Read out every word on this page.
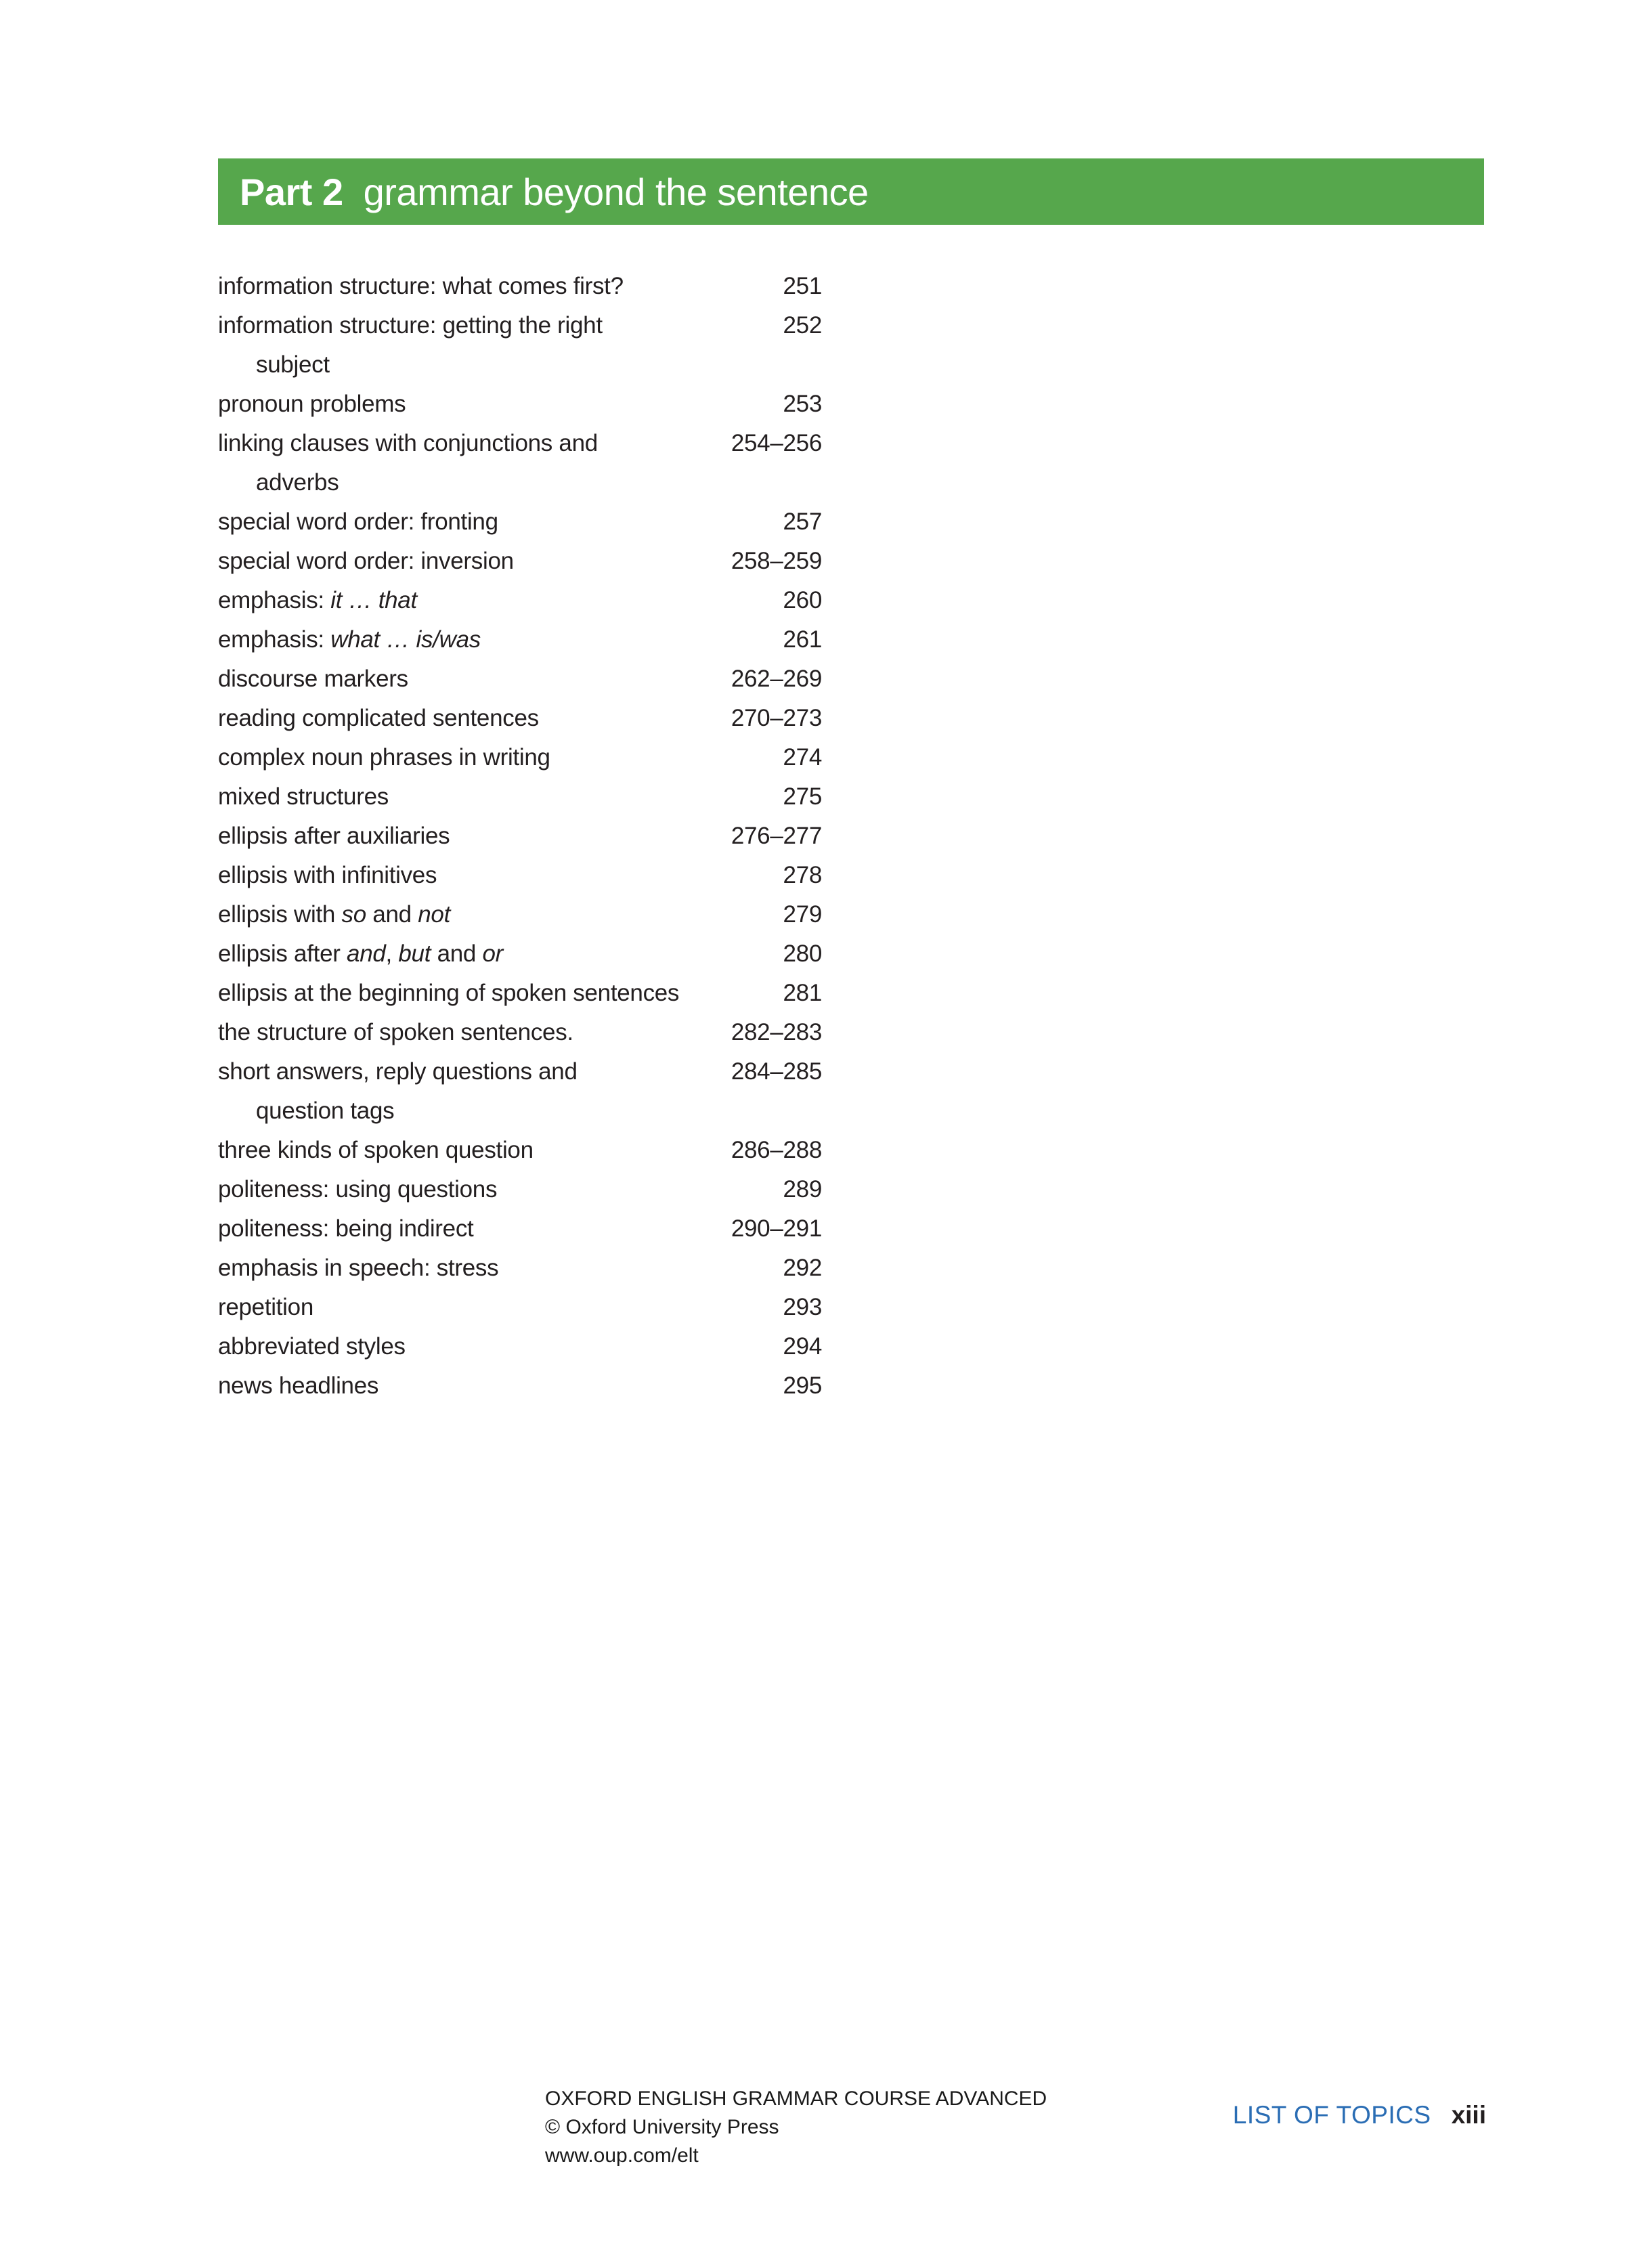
Part 2 grammar beyond the sentence
information structure: what comes first?	251
information structure: getting the right	252
subject
pronoun problems	253
linking clauses with conjunctions and	254–256
adverbs
special word order: fronting	257
special word order: inversion	258–259
emphasis: it … that	260
emphasis: what … is/was	261
discourse markers	262–269
reading complicated sentences	270–273
complex noun phrases in writing	274
mixed structures	275
ellipsis after auxiliaries	276–277
ellipsis with infinitives	278
ellipsis with so and not	279
ellipsis after and, but and or	280
ellipsis at the beginning of spoken sentences	281
the structure of spoken sentences.	282–283
short answers, reply questions and	284–285
question tags
three kinds of spoken question	286–288
politeness: using questions	289
politeness: being indirect	290–291
emphasis in speech: stress	292
repetition	293
abbreviated styles	294
news headlines	295
OXFORD ENGLISH GRAMMAR COURSE ADVANCED
© Oxford University Press
www.oup.com/elt
LIST OF TOPICS xiii
